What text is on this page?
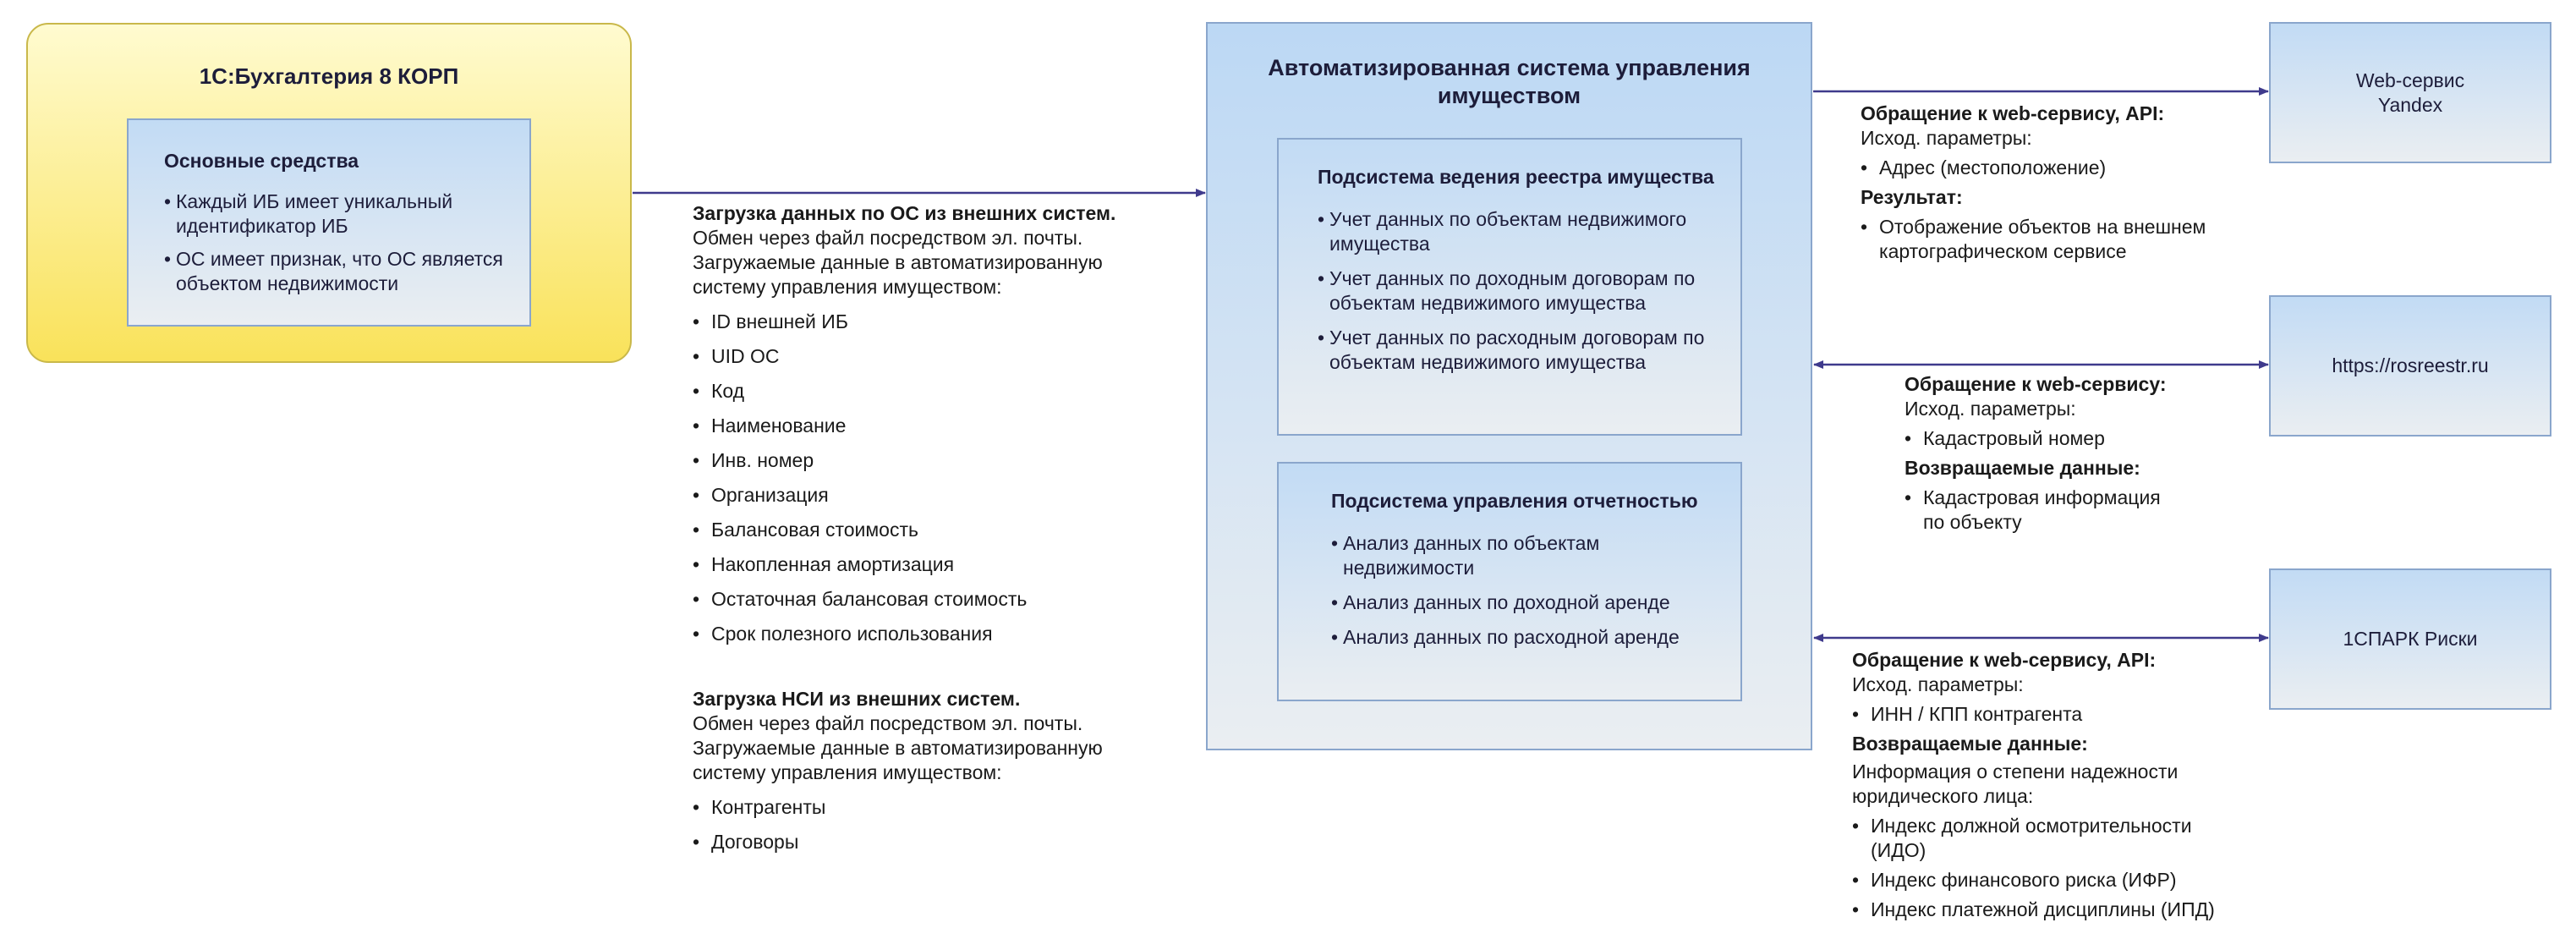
1С:Бухгалтерия 8 КОРП
Основные средства
• Каждый ИБ имеет уникальный идентификатор ИБ
• ОС имеет признак, что ОС является объектом недвижимости
Автоматизированная система управления имуществом
Подсистема ведения реестра имущества
• Учет данных по объектам недвижимого имущества
• Учет данных по доходным договорам по объектам недвижимого имущества
• Учет данных по расходным договорам по объектам недвижимого имущества
Подсистема управления отчетностью
• Анализ данных по объектам недвижимости
• Анализ данных по доходной аренде
• Анализ данных по расходной аренде
Web-сервис Yandex
https://rosreestr.ru
1СПАРК Риски
Загрузка данных по ОС из внешних систем.
Обмен через файл посредством эл. почты. Загружаемые данные в автоматизированную систему управления имуществом:
• ID внешней ИБ
• UID ОС
• Код
• Наименование
• Инв. номер
• Организация
• Балансовая стоимость
• Накопленная амортизация
• Остаточная балансовая стоимость
• Срок полезного использования
Загрузка НСИ из внешних систем.
Обмен через файл посредством эл. почты. Загружаемые данные в автоматизированную систему управления имуществом:
• Контрагенты
• Договоры
Обращение к web-сервису, API:
Исход. параметры:
• Адрес (местоположение)
Результат:
• Отображение объектов на внешнем картографическом сервисе
Обращение к web-сервису:
Исход. параметры:
• Кадастровый номер
Возвращаемые данные:
• Кадастровая информация по объекту
Обращение к web-сервису, API:
Исход. параметры:
• ИНН / КПП контрагента
Возвращаемые данные:
Информация о степени надежности юридического лица:
• Индекс должной осмотрительности (ИДО)
• Индекс финансового риска (ИФР)
• Индекс платежной дисциплины (ИПД)
